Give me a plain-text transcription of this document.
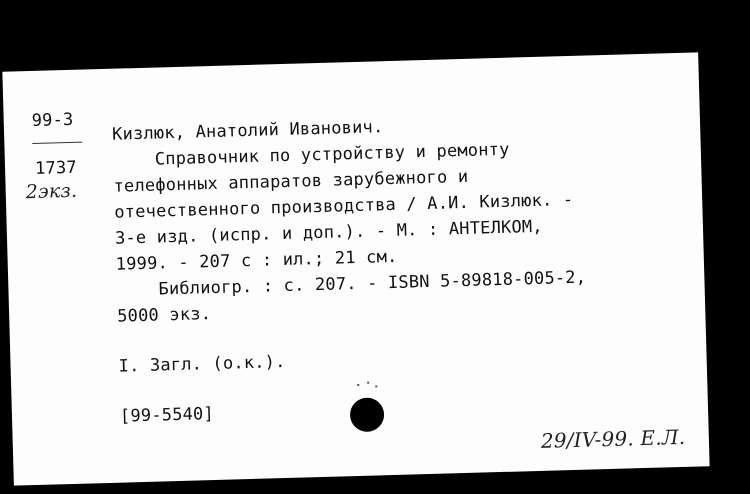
99-3
1737
2экз.
Кизлюк, Анатолий Иванович.
Справочник по устройству и ремонту
телефонных аппаратов зарубежного и
отечественного производства / А.И. Кизлюк. -
3-е изд. (испр. и доп.). - М. : АНТЕЛКОМ,
1999. - 207 с : ил.; 21 см.
Библиогр. : с. 207. - ISBN 5-89818-005-2,
5000 экз.
I. Загл. (о.к.).
[99-5540]
29/IV-99. Е.Л.
